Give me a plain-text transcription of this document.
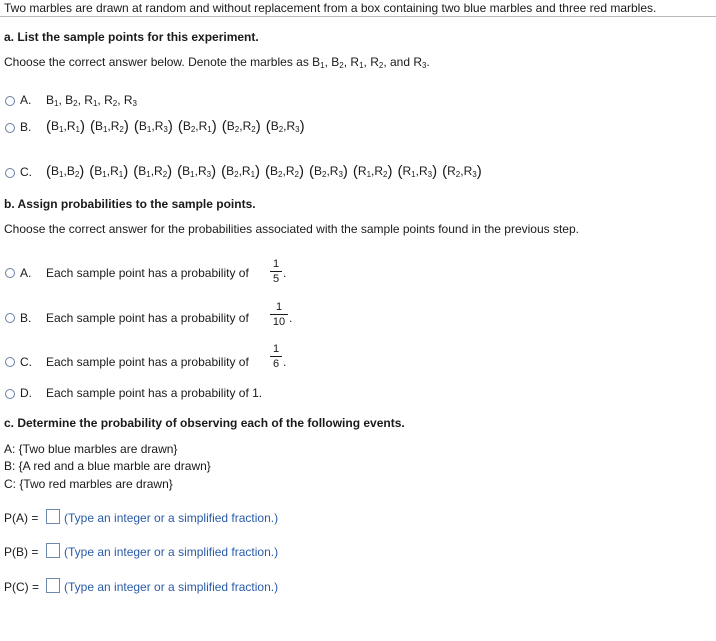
Two marbles are drawn at random and without replacement from a box containing two blue marbles and three red marbles.
a. List the sample points for this experiment.
Choose the correct answer below. Denote the marbles as $B_1$, $B_2$, $R_1$, $R_2$, and $R_3$.
A. $B_1$, $B_2$, $R_1$, $R_2$, $R_3$
B. $(B_1,R_1)$ $(B_1,R_2)$ $(B_1,R_3)$ $(B_2,R_1)$ $(B_2,R_2)$ $(B_2,R_3)$
C. $(B_1,B_2)$ $(B_1,R_1)$ $(B_1,R_2)$ $(B_1,R_3)$ $(B_2,R_1)$ $(B_2,R_2)$ $(B_2,R_3)$ $(R_1,R_2)$ $(R_1,R_3)$ $(R_2,R_3)$
b. Assign probabilities to the sample points.
Choose the correct answer for the probabilities associated with the sample points found in the previous step.
A. Each sample point has a probability of
1
5 .
B. Each sample point has a probability of
1
10 .
C. Each sample point has a probability of
1
6 .
D. Each sample point has a probability of 1.
c. Determine the probability of observing each of the following events.
A: {Two blue marbles are drawn}
B: {A red and a blue marble are drawn}
C: {Two red marbles are drawn}
P(A) = (Type an integer or a simplified fraction.)
P(B) = (Type an integer or a simplified fraction.)
P(C) = (Type an integer or a simplified fraction.)
